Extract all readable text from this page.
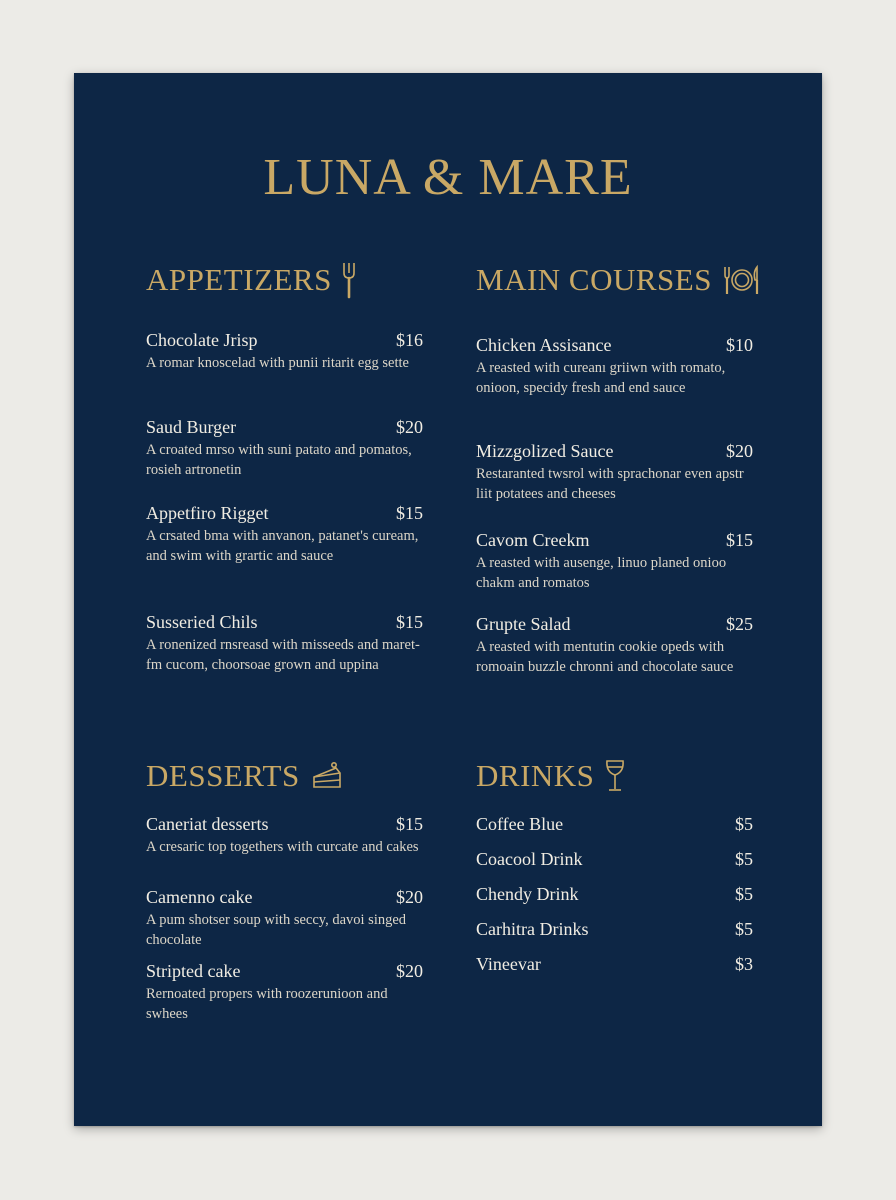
LUNA & MARE
APPETIZERS
Chocolate Jrisp	$16
A romar knoscelad with punii ritarit egg sette
Saud Burger	$20
A croated mrso with suni patato and pomatos, rosieh artronetin
Appetfiro Rigget	$15
A crsated bma with anvanon, patanet's cuream, and swim with grartic and sauce
Susseried Chils	$15
A ronenized rnsreasd with misseeds and maret-fm cucom, choorsoae grown and uppina
MAIN COURSES
Chicken Assisance	$10
A reasted with cureanı griiwn with romato, onioon, specidy fresh and end sauce
Mizzgolized Sauce	$20
Restaranted twsrol with sprachonar even apstr liit potatees and cheeses
Cavom Creekm	$15
A reasted with ausenge, linuo planed onioo chakm and romatos
Grupte Salad	$25
A reasted with mentutin cookie ореds with romoain buzzle chronni and chocolate sauce
DESSERTS
Caneriat desserts	$15
A cresaric top togethers with curcate and cakes
Camenno cake	$20
A pum shotser soup with seccy, davoi singed chocolate
Stripted cake	$20
Rernoated propers with roozerunioon and swhees
DRINKS
Coffee Blue	$5
Coacool Drink	$5
Chendy Drink	$5
Carhitra Drinks	$5
Vineevar	$3
